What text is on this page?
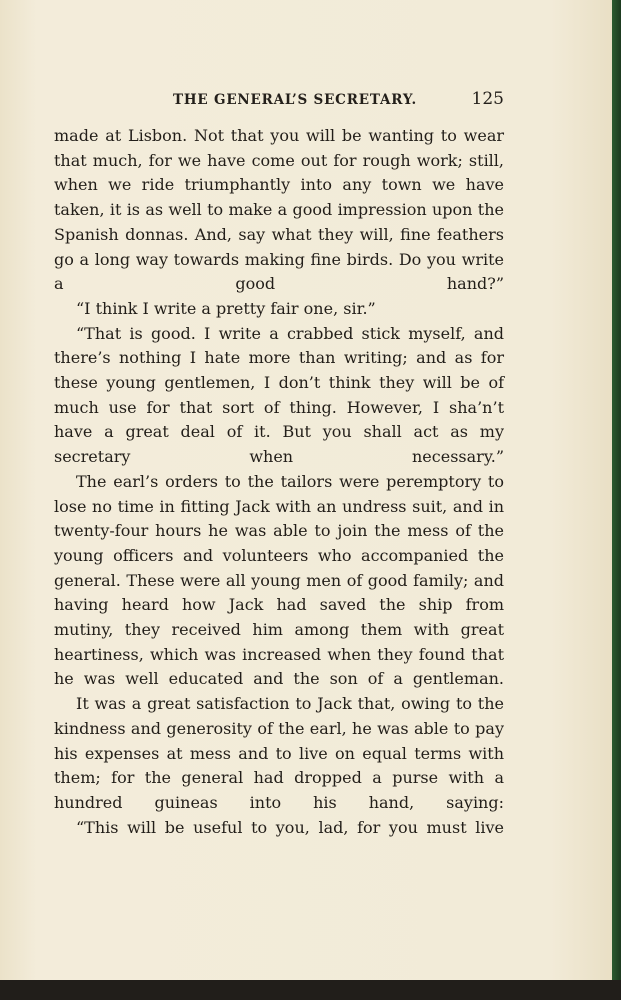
THE GENERAL’S SECRETARY.	125

made at Lisbon. Not that you will be wanting to wear that much, for we have come out for rough work; still, when we ride triumphantly into any town we have taken, it is as well to make a good impression upon the Spanish donnas. And, say what they will, fine feathers go a long way towards making fine birds. Do you write a good hand?”

“I think I write a pretty fair one, sir.”

“That is good. I write a crabbed stick myself, and there’s nothing I hate more than writing; and as for these young gentlemen, I don’t think they will be of much use for that sort of thing. However, I sha’n’t have a great deal of it. But you shall act as my secretary when necessary.”

The earl’s orders to the tailors were peremptory to lose no time in fitting Jack with an undress suit, and in twenty-four hours he was able to join the mess of the young officers and volunteers who accompanied the general. These were all young men of good family; and having heard how Jack had saved the ship from mutiny, they received him among them with great heartiness, which was increased when they found that he was well educated and the son of a gentleman.

It was a great satisfaction to Jack that, owing to the kindness and generosity of the earl, he was able to pay his expenses at mess and to live on equal terms with them; for the general had dropped a purse with a hundred guineas into his hand, saying:

“This will be useful to you, lad, for you must live
